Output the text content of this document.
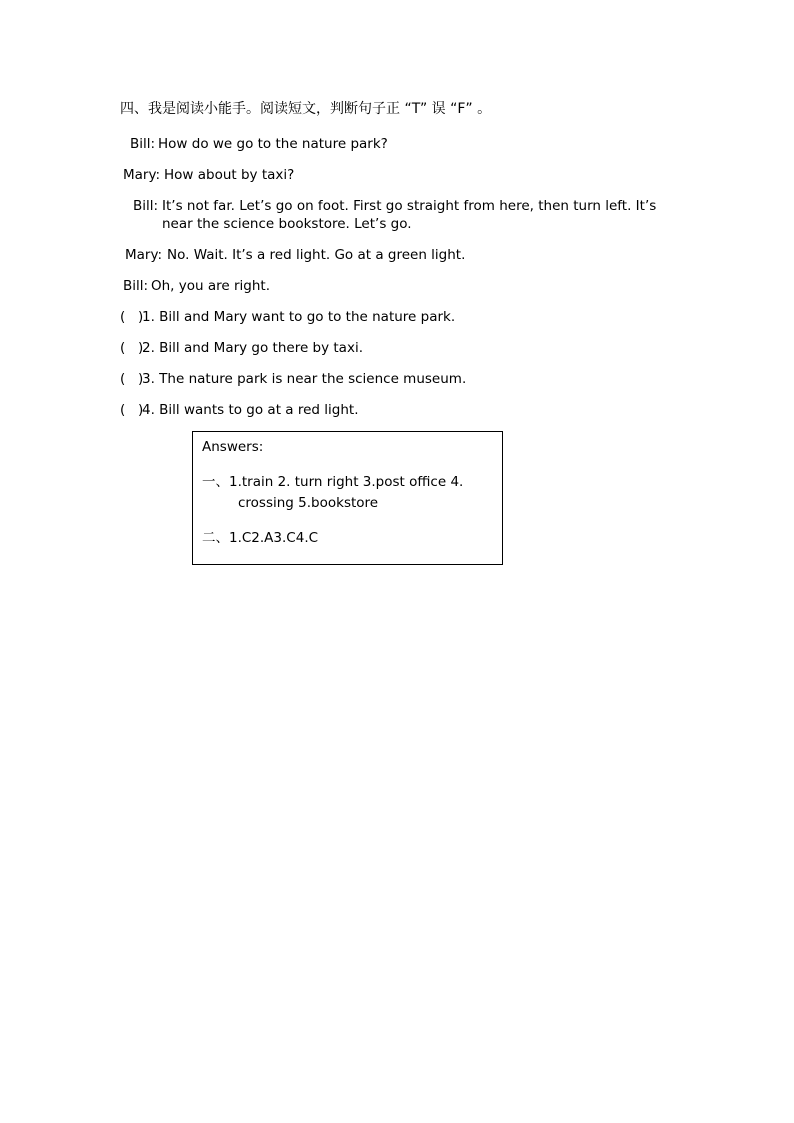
四、我是阅读小能手。阅读短文，判断句子正 “T” 误 “F” 。
Bill: How do we go to the nature park?
Mary: How about by taxi?
Bill: It’s not far. Let’s go on foot. First go straight from here, then turn left. It’s
near the science bookstore. Let’s go.
Mary: No. Wait. It’s a red light. Go at a green light.
Bill: Oh, you are right.
( )
1. Bill and Mary want to go to the nature park.
( )
2. Bill and Mary go there by taxi.
( )
3. The nature park is near the science museum.
( )
4. Bill wants to go at a red light.
Answers:
一、1.train 2. turn right 3.post office 4.
crossing 5.bookstore
二、1.C2.A3.C4.C
